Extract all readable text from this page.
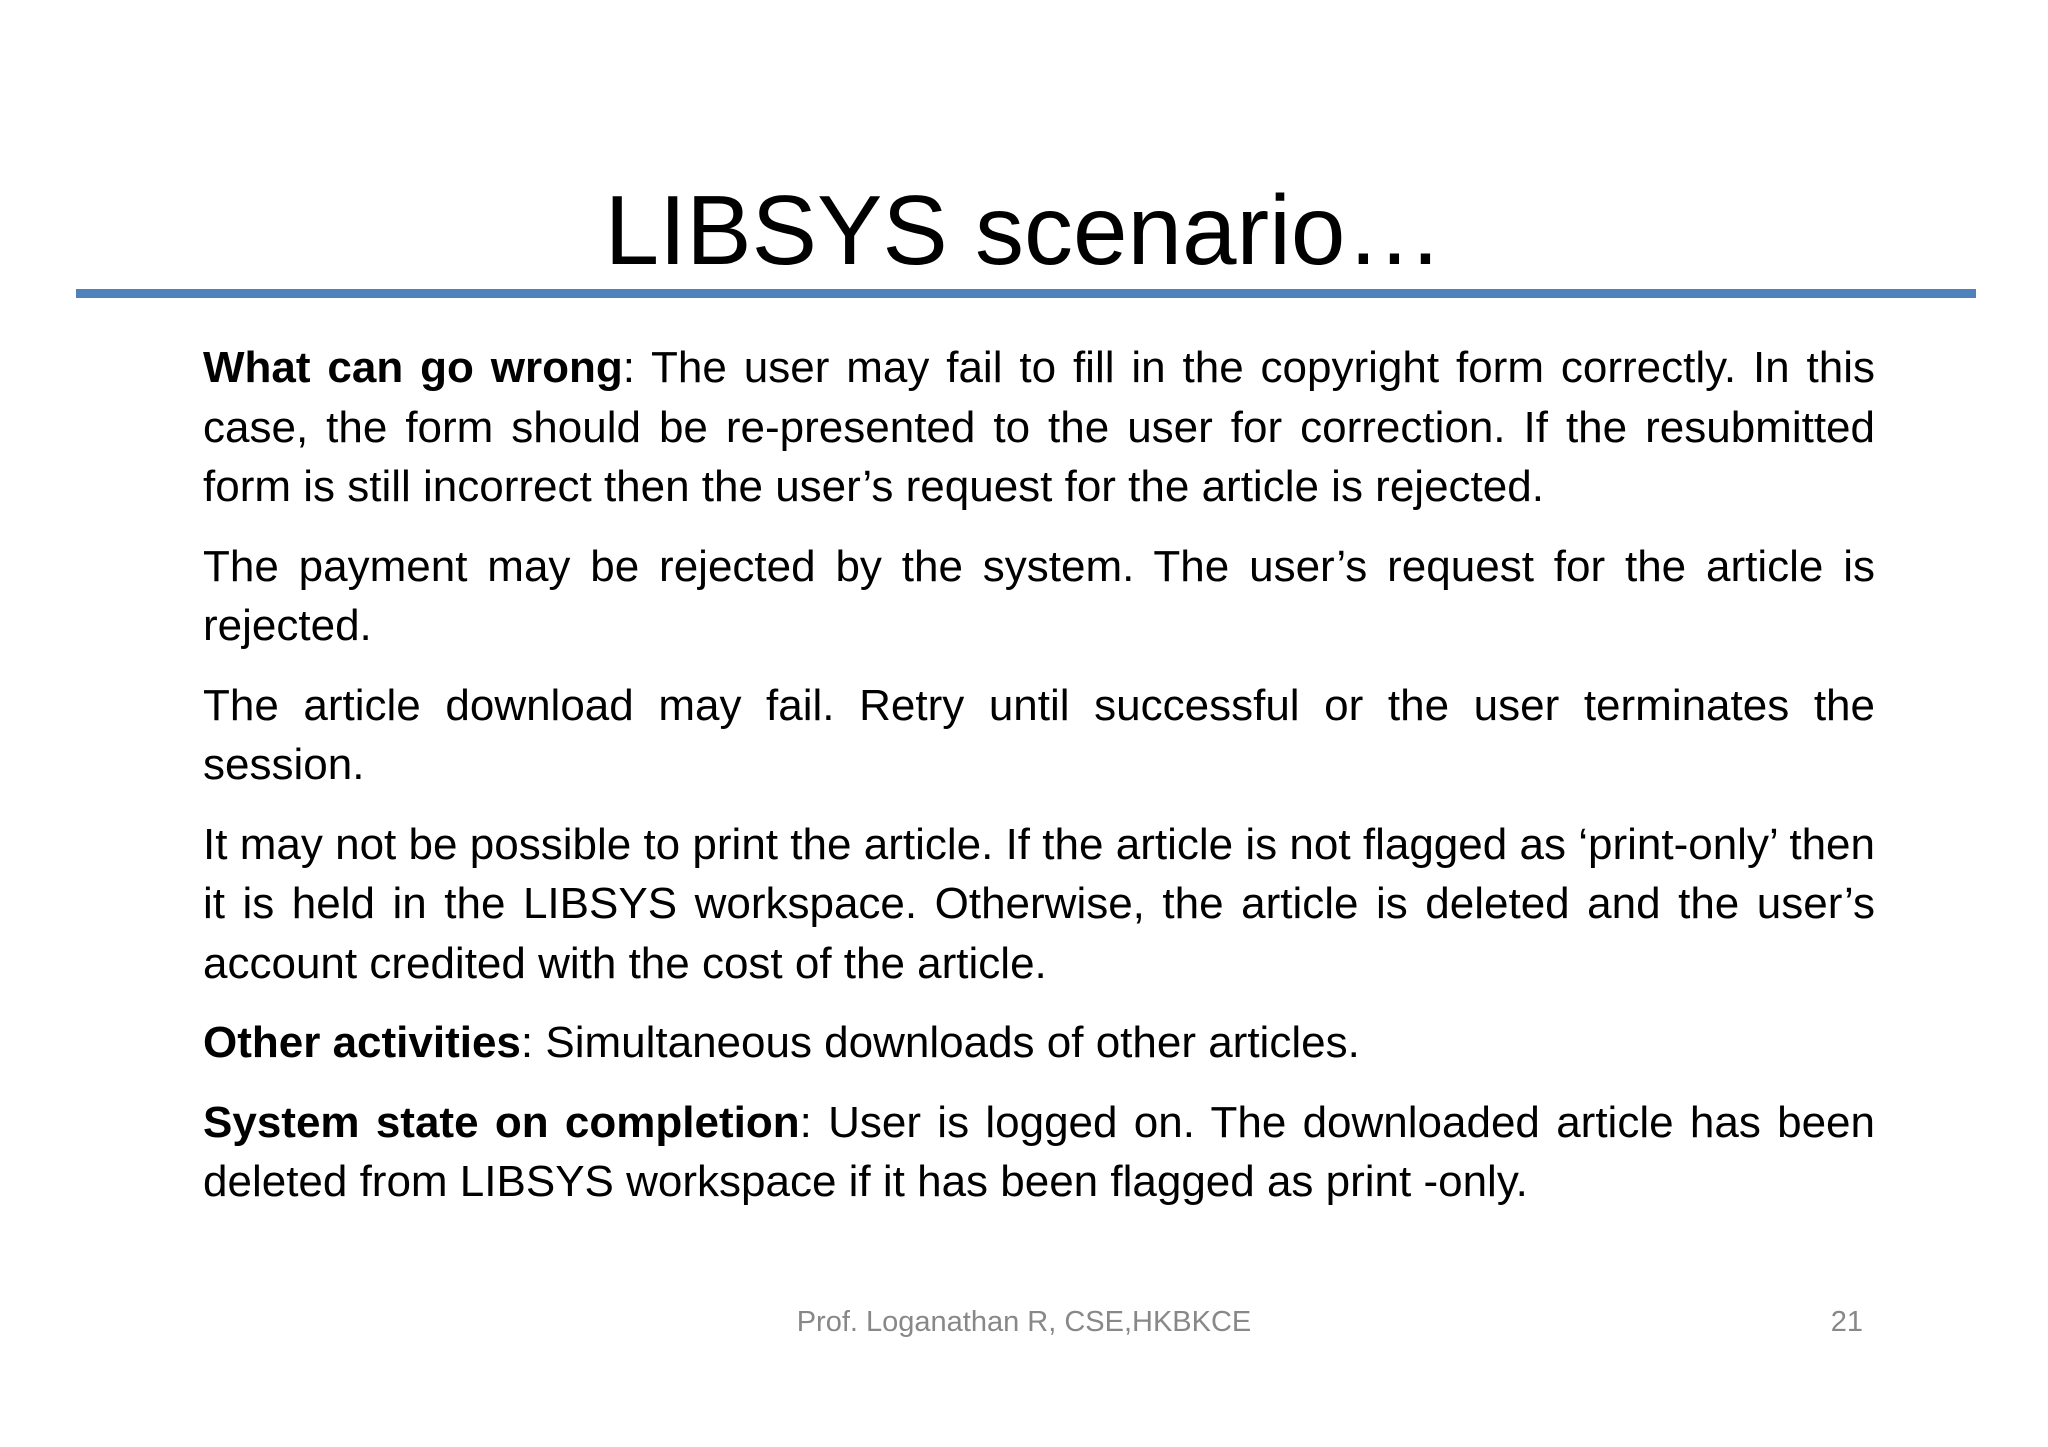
LIBSYS scenario…

What can go wrong: The user may fail to fill in the copyright form correctly. In this case, the form should be re-presented to the user for correction. If the resubmitted form is still incorrect then the user’s request for the article is rejected.

The payment may be rejected by the system. The user’s request for the article is rejected.

The article download may fail. Retry until successful or the user terminates the session.

It may not be possible to print the article. If the article is not flagged as ‘print-only’ then it is held in the LIBSYS workspace. Otherwise, the article is deleted and the user’s account credited with the cost of the article.

Other activities: Simultaneous downloads of other articles.

System state on completion: User is logged on. The downloaded article has been deleted from LIBSYS workspace if it has been flagged as print -only.

Prof. Loganathan R, CSE,HKBKCE	21
